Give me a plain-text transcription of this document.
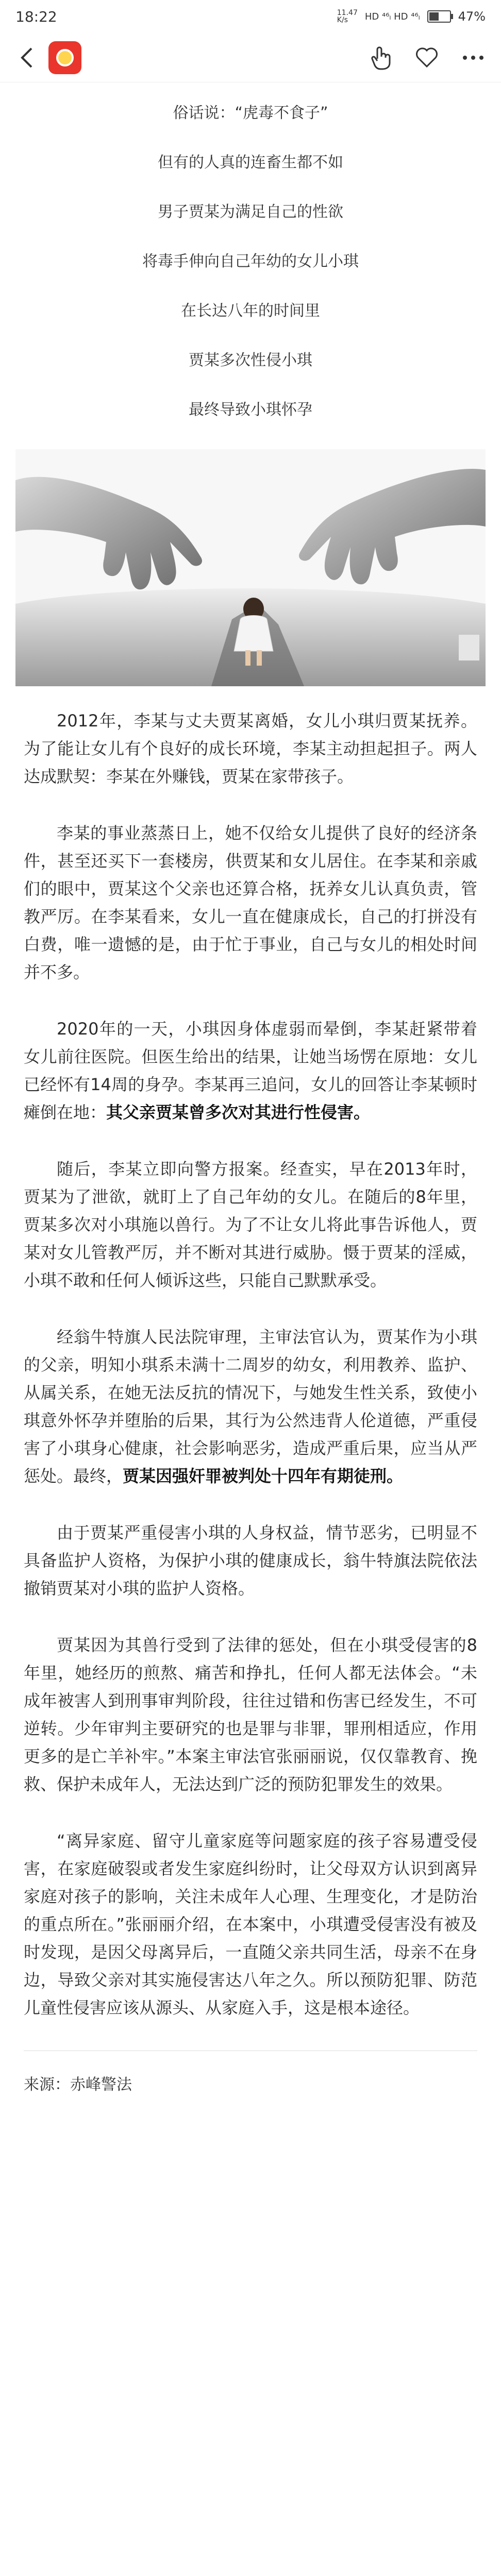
18:22	11.47
K/s	HD ⁴⁶ₗ HD ⁴⁶ₗ	47%
俗话说：“虎毒不食子”
但有的人真的连畜生都不如
男子贾某为满足自己的性欲
将毒手伸向自己年幼的女儿小琪
在长达八年的时间里
贾某多次性侵小琪
最终导致小琪怀孕

2012年，李某与丈夫贾某离婚，女儿小琪归贾某抚养。为了能让女儿有个良好的成长环境，李某主动担起担子。两人达成默契：李某在外赚钱，贾某在家带孩子。

李某的事业蒸蒸日上，她不仅给女儿提供了良好的经济条件，甚至还买下一套楼房，供贾某和女儿居住。在李某和亲戚们的眼中，贾某这个父亲也还算合格，抚养女儿认真负责，管教严厉。在李某看来，女儿一直在健康成长，自己的打拼没有白费，唯一遗憾的是，由于忙于事业，自己与女儿的相处时间并不多。

2020年的一天，小琪因身体虚弱而晕倒，李某赶紧带着女儿前往医院。但医生给出的结果，让她当场愣在原地：女儿已经怀有14周的身孕。李某再三追问，女儿的回答让李某顿时瘫倒在地：其父亲贾某曾多次对其进行性侵害。

随后，李某立即向警方报案。经查实，早在2013年时，贾某为了泄欲，就盯上了自己年幼的女儿。在随后的8年里，贾某多次对小琪施以兽行。为了不让女儿将此事告诉他人，贾某对女儿管教严厉，并不断对其进行威胁。慑于贾某的淫威，小琪不敢和任何人倾诉这些，只能自己默默承受。

经翁牛特旗人民法院审理，主审法官认为，贾某作为小琪的父亲，明知小琪系未满十二周岁的幼女，利用教养、监护、从属关系，在她无法反抗的情况下，与她发生性关系，致使小琪意外怀孕并堕胎的后果，其行为公然违背人伦道德，严重侵害了小琪身心健康，社会影响恶劣，造成严重后果，应当从严惩处。最终，贾某因强奸罪被判处十四年有期徒刑。

由于贾某严重侵害小琪的人身权益，情节恶劣，已明显不具备监护人资格，为保护小琪的健康成长，翁牛特旗法院依法撤销贾某对小琪的监护人资格。

贾某因为其兽行受到了法律的惩处，但在小琪受侵害的8年里，她经历的煎熬、痛苦和挣扎，任何人都无法体会。“未成年被害人到刑事审判阶段，往往过错和伤害已经发生，不可逆转。少年审判主要研究的也是罪与非罪，罪刑相适应，作用更多的是亡羊补牢。”本案主审法官张丽丽说，仅仅靠教育、挽救、保护未成年人，无法达到广泛的预防犯罪发生的效果。

“离异家庭、留守儿童家庭等问题家庭的孩子容易遭受侵害，在家庭破裂或者发生家庭纠纷时，让父母双方认识到离异家庭对孩子的影响，关注未成年人心理、生理变化，才是防治的重点所在。”张丽丽介绍，在本案中，小琪遭受侵害没有被及时发现，是因父母离异后，一直随父亲共同生活，母亲不在身边，导致父亲对其实施侵害达八年之久。所以预防犯罪、防范儿童性侵害应该从源头、从家庭入手，这是根本途径。

来源：赤峰警法
